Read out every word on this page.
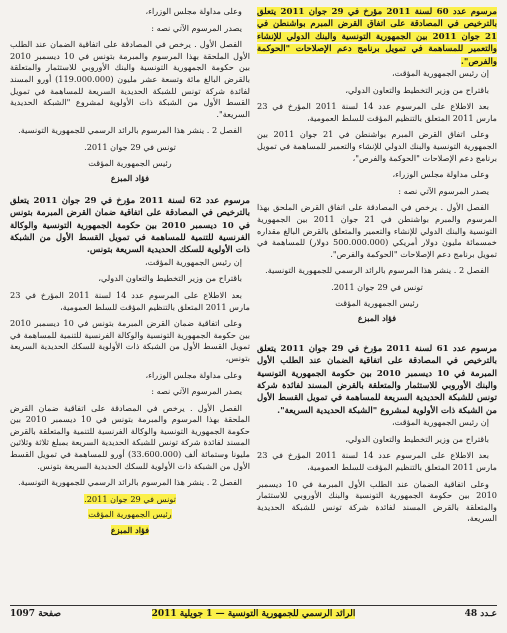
مرسوم عدد 60 لسنة 2011 مؤرخ في 29 جوان 2011 يتعلق بالترخيص في المصادقة على اتفاق القرض المبرم بواشنطن في 21 جوان 2011 بين الجمهورية التونسية والبنك الدولي للإنشاء والتعمير للمساهمة في تمويل برنامج دعم الإصلاحات "الحوكمة والفرص".

إن رئيس الجمهورية المؤقت،

باقتراح من وزير التخطيط والتعاون الدولي،

بعد الاطلاع على المرسوم عدد 14 لسنة 2011 المؤرخ في 23 مارس 2011 المتعلق بالتنظيم المؤقت للسلط العمومية،

وعلى اتفاق القرض المبرم بواشنطن في 21 جوان 2011 بين الجمهورية التونسية والبنك الدولي للإنشاء والتعمير للمساهمة في تمويل برنامج دعم الإصلاحات "الحوكمة والفرص"،

وعلى مداولة مجلس الوزراء،

يصدر المرسوم الآتي نصه :

الفصل الأول . يرخص في المصادقة على اتفاق القرض الملحق بهذا المرسوم والمبرم بواشنطن في 21 جوان 2011 بين الجمهورية التونسية والبنك الدولي للإنشاء والتعمير والمتعلق بالقرض البالغ مقداره خمسمائة مليون دولار أمريكي (500.000.000 دولار) للمساهمة في تمويل برنامج دعم الإصلاحات "الحوكمة والفرص".

الفصل 2 . ينشر هذا المرسوم بالرائد الرسمي للجمهورية التونسية.

تونس في 29 جوان 2011.
رئيس الجمهورية المؤقت
فؤاد المبزع
مرسوم عدد 61 لسنة 2011 مؤرخ في 29 جوان 2011 يتعلق بالترخيص في المصادقة على اتفاقية الضمان عند الطلب الأول المبرمة في 10 ديسمبر 2010 بين حكومة الجمهورية التونسية والبنك الأوروبي للاستثمار والمتعلقة بالقرض المسند لفائدة شركة تونس للشبكة الحديدية السريعة للمساهمة في تمويل القسط الأول من الشبكة ذات الأولوية لمشروع "الشبكة الحديدية السريعة".

إن رئيس الجمهورية المؤقت،

باقتراح من وزير التخطيط والتعاون الدولي،

بعد الاطلاع على المرسوم عدد 14 لسنة 2011 المؤرخ في 23 مارس 2011 المتعلق بالتنظيم المؤقت للسلط العمومية،

وعلى اتفاقية الضمان عند الطلب الأول المبرمة في 10 ديسمبر 2010 بين حكومة الجمهورية التونسية والبنك الأوروبي للاستثمار والمتعلقة بالقرض المسند لفائدة شركة تونس للشبكة الحديدية السريعة،

وعلى مداولة مجلس الوزراء،

يصدر المرسوم الآتي نصه :

الفصل الأول . يرخص في المصادقة على اتفاقية الضمان عند الطلب الأول الملحقة بهذا المرسوم والمبرمة بتونس في 10 ديسمبر 2010 بين حكومة الجمهورية التونسية والبنك الأوروبي للاستثمار والمتعلقة بالقرض البالغ مائة وتسعة عشر مليون (119.000.000) أورو المسند لفائدة شركة تونس للشبكة الحديدية السريعة للمساهمة في تمويل القسط الأول من الشبكة ذات الأولوية لمشروع "الشبكة الحديدية السريعة".

الفصل 2 . ينشر هذا المرسوم بالرائد الرسمي للجمهورية التونسية.

تونس في 29 جوان 2011.
رئيس الجمهورية المؤقت
فؤاد المبزع
مرسوم عدد 62 لسنة 2011 مؤرخ في 29 جوان 2011 يتعلق بالترخيص في المصادقة على اتفاقية ضمان القرض المبرمة بتونس في 10 ديسمبر 2010 بين حكومة الجمهورية التونسية والوكالة الفرنسية للتنمية للمساهمة في تمويل القسط الأول من الشبكة ذات الأولوية للسكك الحديدية السريعة بتونس.

إن رئيس الجمهورية المؤقت،

باقتراح من وزير التخطيط والتعاون الدولي،

بعد الاطلاع على المرسوم عدد 14 لسنة 2011 المؤرخ في 23 مارس 2011 المتعلق بالتنظيم المؤقت للسلط العمومية،

وعلى اتفاقية ضمان القرض المبرمة بتونس في 10 ديسمبر 2010 بين حكومة الجمهورية التونسية والوكالة الفرنسية للتنمية للمساهمة في تمويل القسط الأول من الشبكة ذات الأولوية للسكك الحديدية السريعة بتونس،

وعلى مداولة مجلس الوزراء،

يصدر المرسوم الآتي نصه :

الفصل الأول . يرخص في المصادقة على اتفاقية ضمان القرض الملحقة بهذا المرسوم والمبرمة بتونس في 10 ديسمبر 2010 بين حكومة الجمهورية التونسية والوكالة الفرنسية للتنمية والمتعلقة بالقرض المسند لفائدة شركة تونس للشبكة الحديدية السريعة بمبلغ ثلاثة وثلاثين مليونا وستمائة ألف (33.600.000) أورو للمساهمة في تمويل القسط الأول من الشبكة ذات الأولوية للسكك الحديدية السريعة بتونس.

الفصل 2 . ينشر هذا المرسوم بالرائد الرسمي للجمهورية التونسية.

تونس في 29 جوان 2011.
رئيس الجمهورية المؤقت
فؤاد المبزع
عـدد 48
الرائد الرسمي للجمهورية التونسية — 1 جويلية 2011
صفحة 1097
